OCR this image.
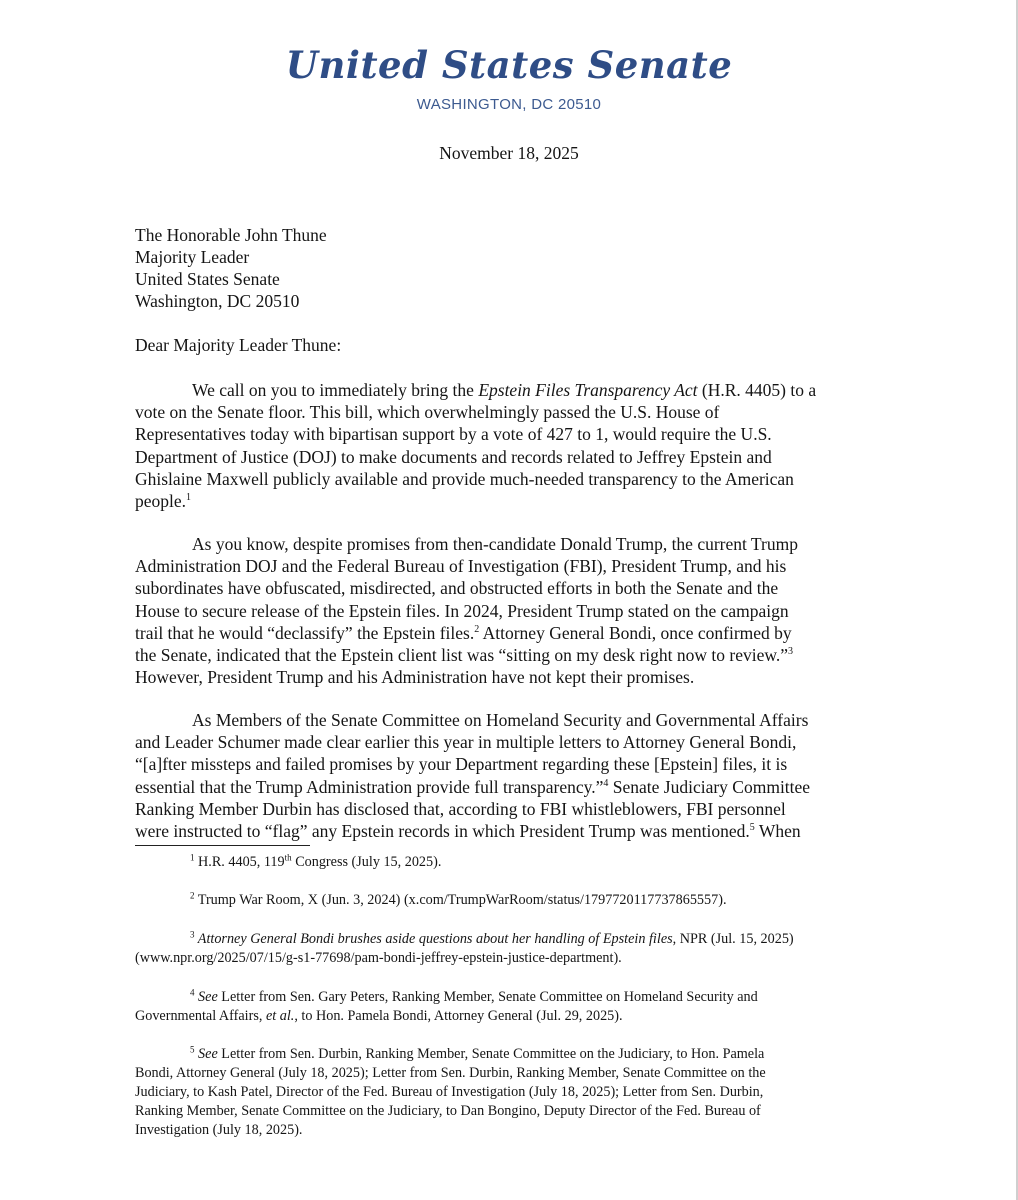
United States Senate
WASHINGTON, DC 20510
November 18, 2025
The Honorable John Thune
Majority Leader
United States Senate
Washington, DC 20510
Dear Majority Leader Thune:
We call on you to immediately bring the Epstein Files Transparency Act (H.R. 4405) to a
vote on the Senate floor. This bill, which overwhelmingly passed the U.S. House of
Representatives today with bipartisan support by a vote of 427 to 1, would require the U.S.
Department of Justice (DOJ) to make documents and records related to Jeffrey Epstein and
Ghislaine Maxwell publicly available and provide much-needed transparency to the American
people.$^1$
As you know, despite promises from then-candidate Donald Trump, the current Trump
Administration DOJ and the Federal Bureau of Investigation (FBI), President Trump, and his
subordinates have obfuscated, misdirected, and obstructed efforts in both the Senate and the
House to secure release of the Epstein files. In 2024, President Trump stated on the campaign
trail that he would “declassify” the Epstein files.$^2$ Attorney General Bondi, once confirmed by
the Senate, indicated that the Epstein client list was “sitting on my desk right now to review.”$^3$
However, President Trump and his Administration have not kept their promises.
As Members of the Senate Committee on Homeland Security and Governmental Affairs
and Leader Schumer made clear earlier this year in multiple letters to Attorney General Bondi,
“[a]fter missteps and failed promises by your Department regarding these [Epstein] files, it is
essential that the Trump Administration provide full transparency.”$^4$ Senate Judiciary Committee
Ranking Member Durbin has disclosed that, according to FBI whistleblowers, FBI personnel
were instructed to “flag” any Epstein records in which President Trump was mentioned.$^5$ When
$^1$ H.R. 4405, 119th Congress (July 15, 2025).
$^2$ Trump War Room, X (Jun. 3, 2024) (x.com/TrumpWarRoom/status/1797720117737865557).
$^3$ Attorney General Bondi brushes aside questions about her handling of Epstein files, NPR (Jul. 15, 2025)
(www.npr.org/2025/07/15/g-s1-77698/pam-bondi-jeffrey-epstein-justice-department).
$^4$ See Letter from Sen. Gary Peters, Ranking Member, Senate Committee on Homeland Security and
Governmental Affairs, et al., to Hon. Pamela Bondi, Attorney General (Jul. 29, 2025).
$^5$ See Letter from Sen. Durbin, Ranking Member, Senate Committee on the Judiciary, to Hon. Pamela
Bondi, Attorney General (July 18, 2025); Letter from Sen. Durbin, Ranking Member, Senate Committee on the
Judiciary, to Kash Patel, Director of the Fed. Bureau of Investigation (July 18, 2025); Letter from Sen. Durbin,
Ranking Member, Senate Committee on the Judiciary, to Dan Bongino, Deputy Director of the Fed. Bureau of
Investigation (July 18, 2025).
